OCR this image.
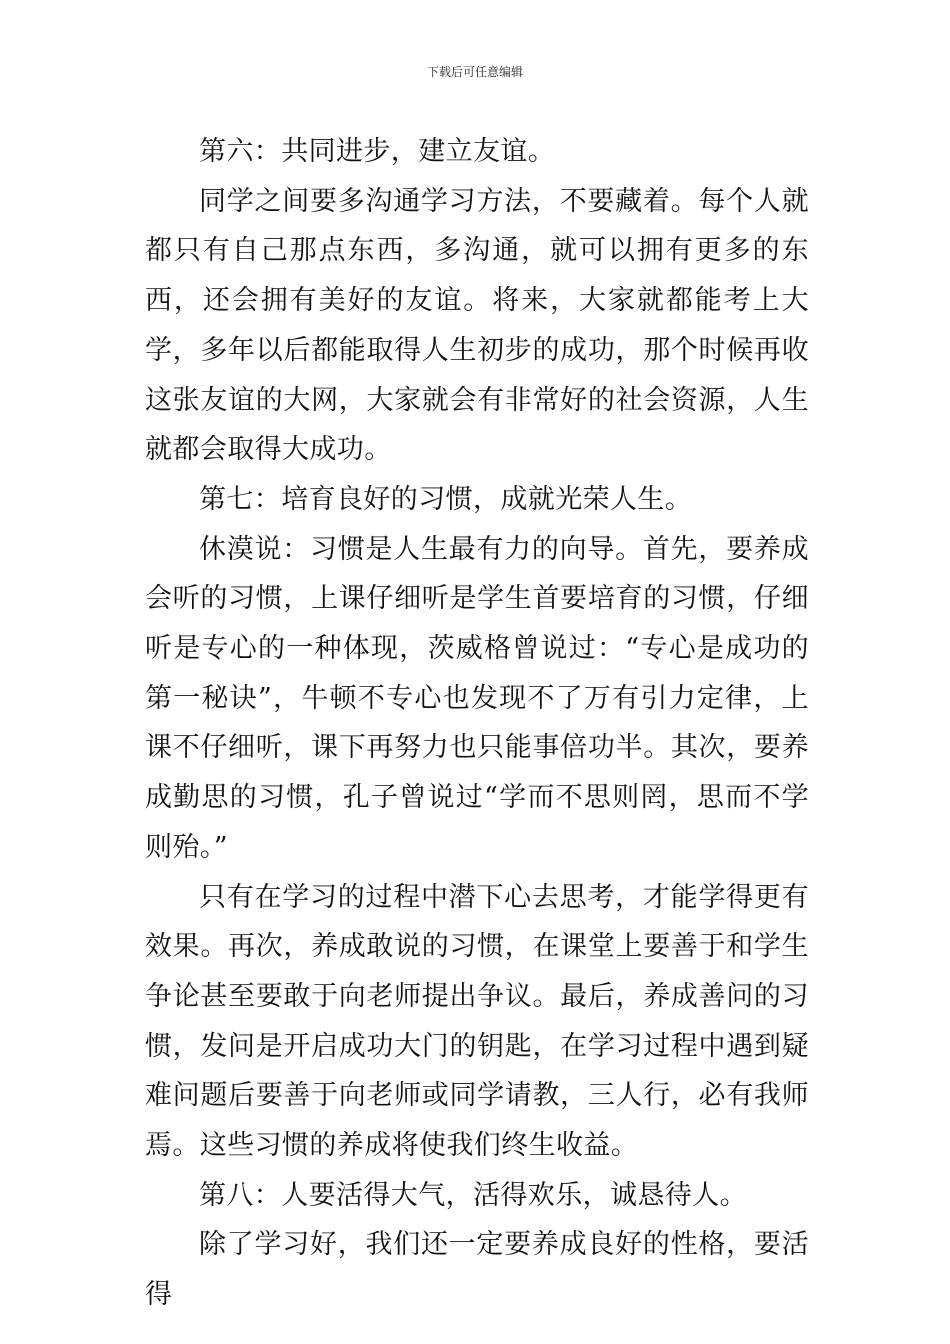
下载后可任意编辑

第六：共同进步，建立友谊。

同学之间要多沟通学习方法，不要藏着。每个人就都只有自己那点东西，多沟通，就可以拥有更多的东西，还会拥有美好的友谊。将来，大家就都能考上大学，多年以后都能取得人生初步的成功，那个时候再收这张友谊的大网，大家就会有非常好的社会资源，人生就都会取得大成功。

第七：培育良好的习惯，成就光荣人生。

休漠说：习惯是人生最有力的向导。首先，要养成会听的习惯，上课仔细听是学生首要培育的习惯，仔细听是专心的一种体现，茨威格曾说过：“专心是成功的第一秘诀”，牛顿不专心也发现不了万有引力定律，上课不仔细听，课下再努力也只能事倍功半。其次，要养成勤思的习惯，孔子曾说过“学而不思则罔，思而不学则殆。”

只有在学习的过程中潜下心去思考，才能学得更有效果。再次，养成敢说的习惯，在课堂上要善于和学生争论甚至要敢于向老师提出争议。最后，养成善问的习惯，发问是开启成功大门的钥匙，在学习过程中遇到疑难问题后要善于向老师或同学请教，三人行，必有我师焉。这些习惯的养成将使我们终生收益。

第八：人要活得大气，活得欢乐，诚恳待人。

除了学习好，我们还一定要养成良好的性格，要活得
